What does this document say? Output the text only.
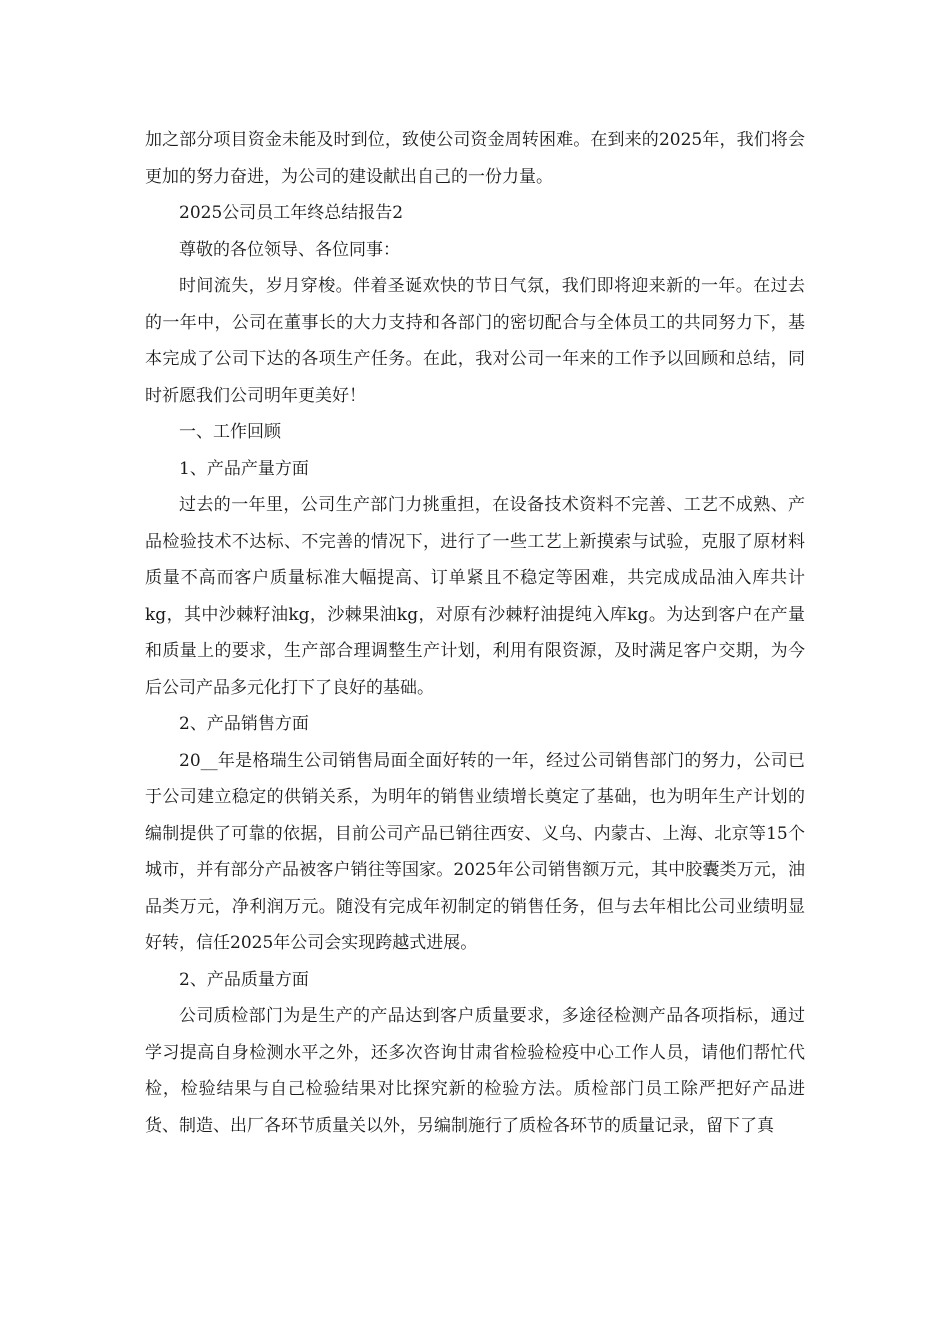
加之部分项目资金未能及时到位，致使公司资金周转困难。在到来的2025年，我们将会更加的努力奋进，为公司的建设献出自己的一份力量。

2025公司员工年终总结报告2

尊敬的各位领导、各位同事：

时间流失，岁月穿梭。伴着圣诞欢快的节日气氛，我们即将迎来新的一年。在过去的一年中，公司在董事长的大力支持和各部门的密切配合与全体员工的共同努力下，基本完成了公司下达的各项生产任务。在此，我对公司一年来的工作予以回顾和总结，同时祈愿我们公司明年更美好！

一、工作回顾

1、产品产量方面

过去的一年里，公司生产部门力挑重担，在设备技术资料不完善、工艺不成熟、产品检验技术不达标、不完善的情况下，进行了一些工艺上新摸索与试验，克服了原材料质量不高而客户质量标准大幅提高、订单紧且不稳定等困难，共完成成品油入库共计kg，其中沙棘籽油kg，沙棘果油kg，对原有沙棘籽油提纯入库kg。为达到客户在产量和质量上的要求，生产部合理调整生产计划，利用有限资源，及时满足客户交期，为今后公司产品多元化打下了良好的基础。

2、产品销售方面

20__年是格瑞生公司销售局面全面好转的一年，经过公司销售部门的努力，公司已于公司建立稳定的供销关系，为明年的销售业绩增长奠定了基础，也为明年生产计划的编制提供了可靠的依据，目前公司产品已销往西安、义乌、内蒙古、上海、北京等15个城市，并有部分产品被客户销往等国家。2025年公司销售额万元，其中胶囊类万元，油品类万元，净利润万元。随没有完成年初制定的销售任务，但与去年相比公司业绩明显好转，信任2025年公司会实现跨越式进展。

2、产品质量方面

公司质检部门为是生产的产品达到客户质量要求，多途径检测产品各项指标，通过学习提高自身检测水平之外，还多次咨询甘肃省检验检疫中心工作人员，请他们帮忙代检，检验结果与自己检验结果对比探究新的检验方法。质检部门员工除严把好产品进货、制造、出厂各环节质量关以外，另编制施行了质检各环节的质量记录，留下了真
